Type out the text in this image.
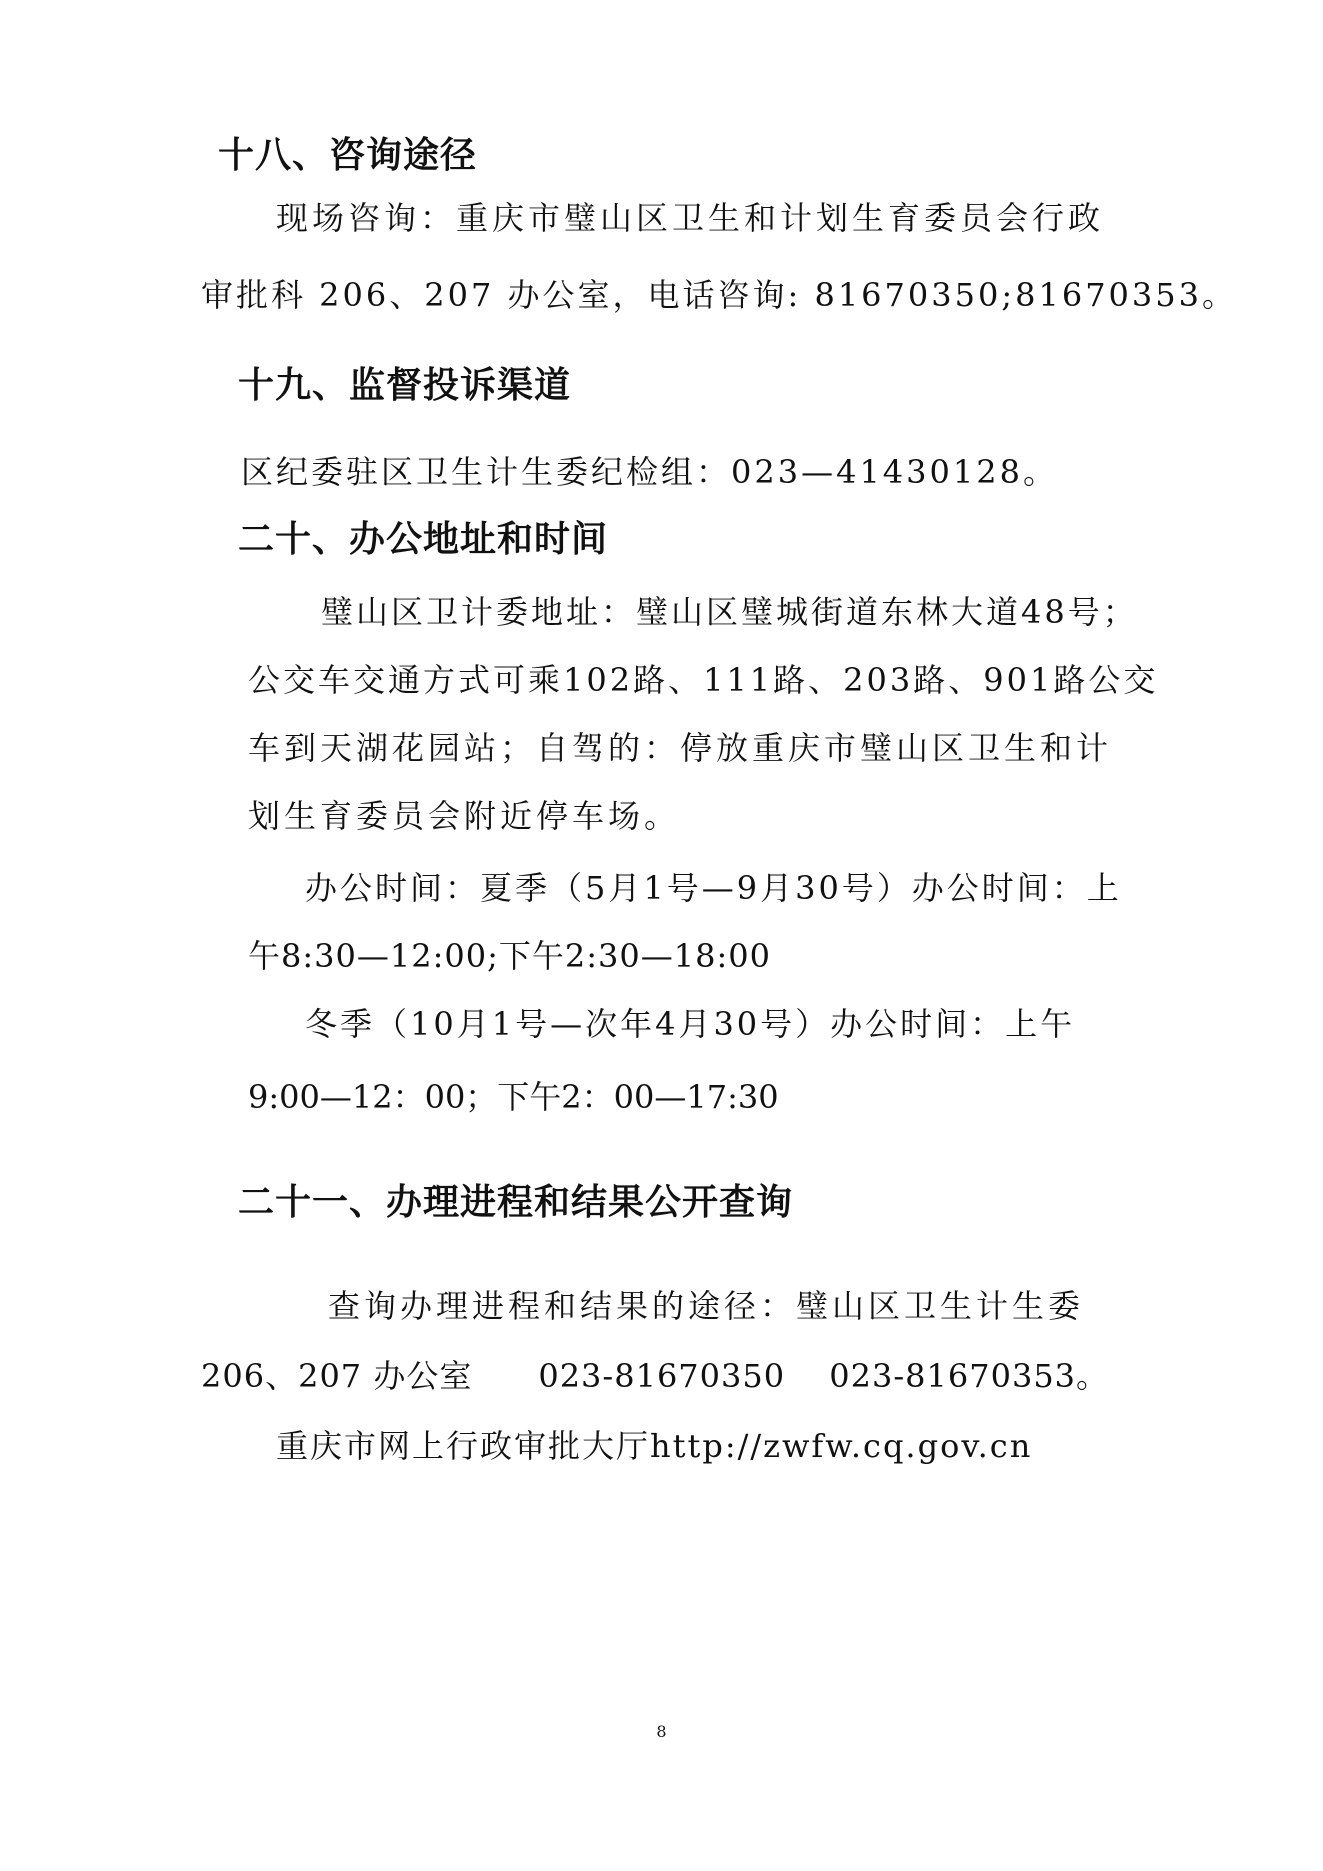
十八、咨询途径
现场咨询：重庆市璧山区卫生和计划生育委员会行政
审批科 206、207 办公室，电话咨询: 81670350;81670353。
十九、监督投诉渠道
区纪委驻区卫生计生委纪检组：023—41430128。
二十、办公地址和时间
璧山区卫计委地址：璧山区璧城街道东林大道48号；
公交车交通方式可乘102路、111路、203路、901路公交
车到天湖花园站；自驾的：停放重庆市璧山区卫生和计
划生育委员会附近停车场。
办公时间：夏季（5月1号—9月30号）办公时间：上
午8:30—12:00;下午2:30—18:00
冬季（10月1号—次年4月30号）办公时间：上午
9:00—12：00；下午2：00—17:30
二十一、办理进程和结果公开查询
查询办理进程和结果的途径：璧山区卫生计生委
206、207 办公室　　023-81670350　 023-81670353。
重庆市网上行政审批大厅http://zwfw.cq.gov.cn
8
